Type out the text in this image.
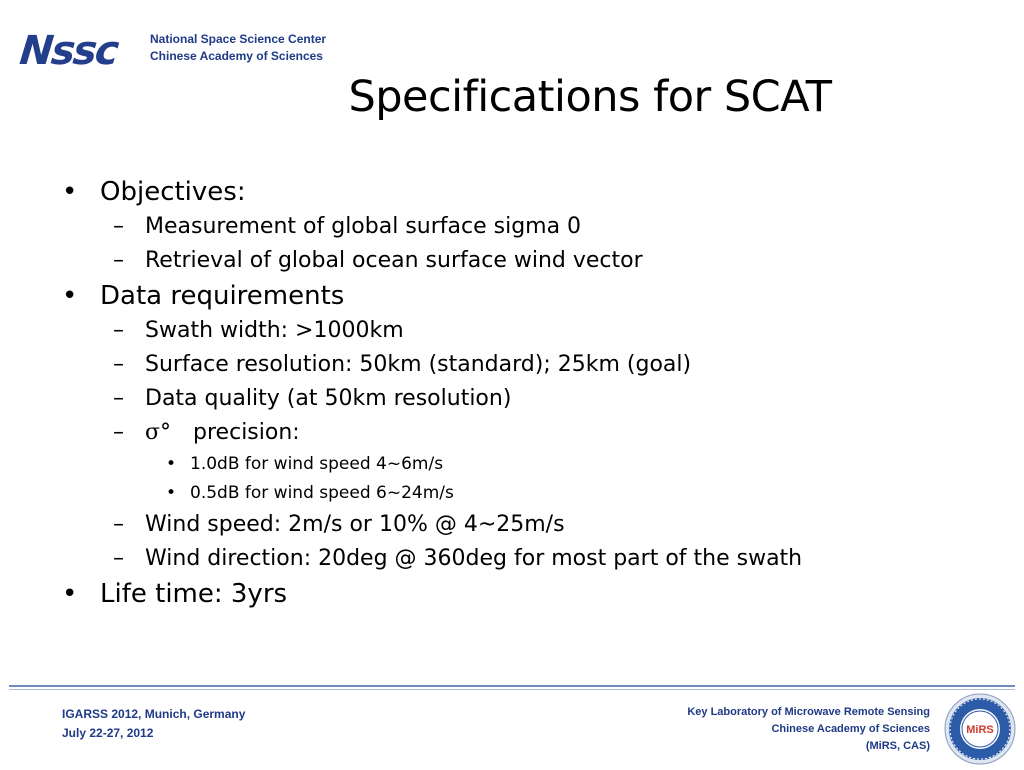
Nssc	National Space Science Center
Chinese Academy of Sciences
Specifications for SCAT
• Objectives:
– Measurement of global surface sigma 0
– Retrieval of global ocean surface wind vector
• Data requirements
– Swath width: >1000km
– Surface resolution: 50km (standard); 25km (goal)
– Data quality (at 50km resolution)
– σ° precision:
• 1.0dB for wind speed 4~6m/s
• 0.5dB for wind speed 6~24m/s
– Wind speed: 2m/s or 10% @ 4~25m/s
– Wind direction: 20deg @ 360deg for most part of the swath
• Life time: 3yrs
IGARSS 2012, Munich, Germany
July 22-27, 2012
Key Laboratory of Microwave Remote Sensing
Chinese Academy of Sciences
(MiRS, CAS)
MiRS
